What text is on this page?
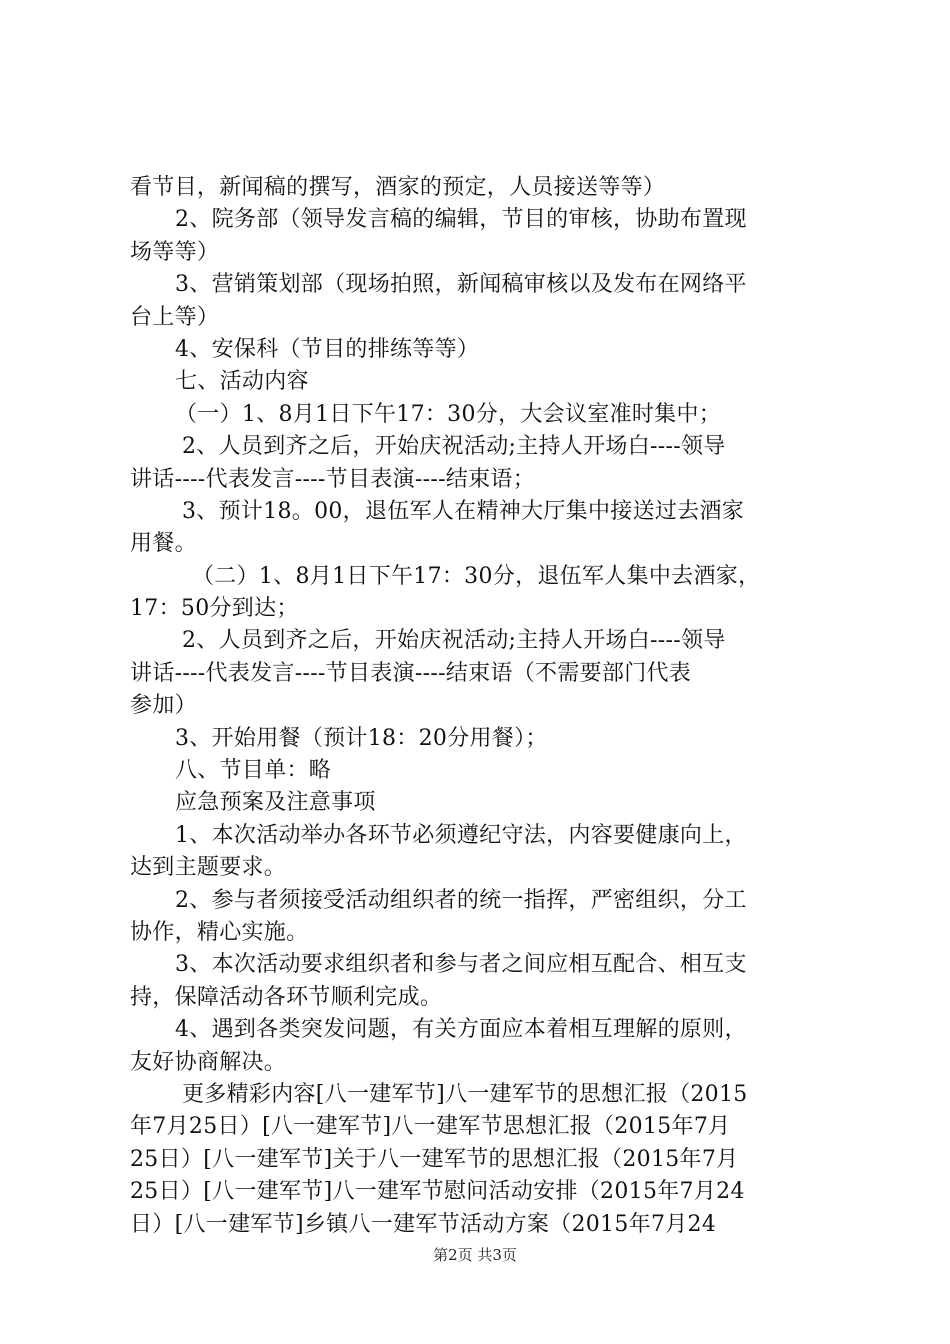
看节目，新闻稿的撰写，酒家的预定，人员接送等等）
2、院务部（领导发言稿的编辑，节目的审核，协助布置现
场等等）
3、营销策划部（现场拍照，新闻稿审核以及发布在网络平
台上等）
4、安保科（节目的排练等等）
七、活动内容
（一）1、8月1日下午17：30分，大会议室准时集中；
2、人员到齐之后，开始庆祝活动;主持人开场白----领导
讲话----代表发言----节目表演----结束语；
3、预计18。00，退伍军人在精神大厅集中接送过去酒家
用餐。
（二）1、8月1日下午17：30分，退伍军人集中去酒家，
17：50分到达；
2、人员到齐之后，开始庆祝活动;主持人开场白----领导
讲话----代表发言----节目表演----结束语（不需要部门代表
参加）
3、开始用餐（预计18：20分用餐）；
八、节目单：略
应急预案及注意事项
1、本次活动举办各环节必须遵纪守法，内容要健康向上，
达到主题要求。
2、参与者须接受活动组织者的统一指挥，严密组织，分工
协作，精心实施。
3、本次活动要求组织者和参与者之间应相互配合、相互支
持，保障活动各环节顺利完成。
4、遇到各类突发问题，有关方面应本着相互理解的原则，
友好协商解决。
更多精彩内容[八一建军节]八一建军节的思想汇报（2015
年7月25日）[八一建军节]八一建军节思想汇报（2015年7月
25日）[八一建军节]关于八一建军节的思想汇报（2015年7月
25日）[八一建军节]八一建军节慰问活动安排（2015年7月24
日）[八一建军节]乡镇八一建军节活动方案（2015年7月24
第2页 共3页
